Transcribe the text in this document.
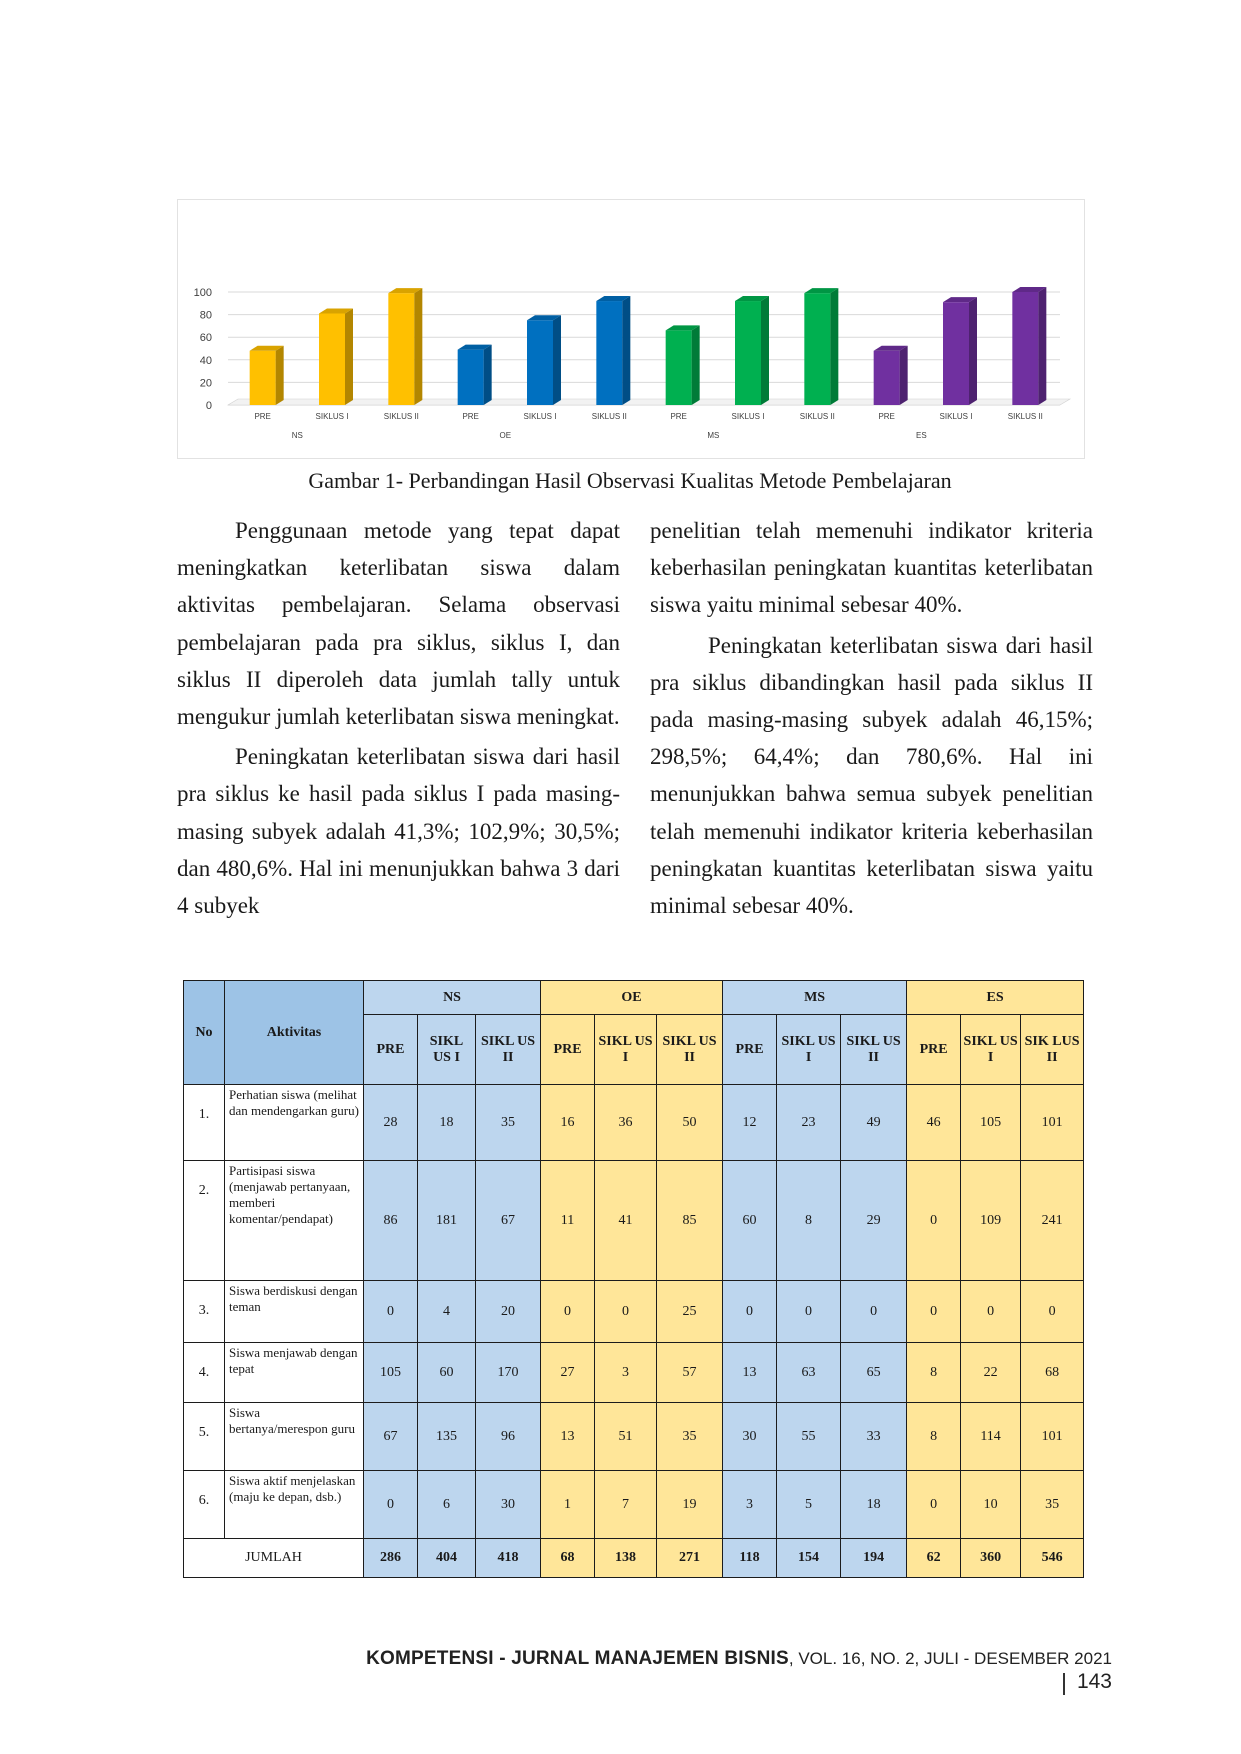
0
20
40
60
80
100
PRE	SIKLUS I	SIKLUS II	PRE	SIKLUS I	SIKLUS II	PRE	SIKLUS I	SIKLUS II	PRE	SIKLUS I	SIKLUS II
NS	OE	MS	ES
Gambar 1- Perbandingan Hasil Observasi Kualitas Metode Pembelajaran

Penggunaan metode yang tepat dapat meningkatkan keterlibatan siswa dalam aktivitas pembelajaran. Selama observasi pembelajaran pada pra siklus, siklus I, dan siklus II diperoleh data jumlah tally untuk mengukur jumlah keterlibatan siswa meningkat.

Peningkatan keterlibatan siswa dari hasil pra siklus ke hasil pada siklus I pada masing-masing subyek adalah 41,3%; 102,9%; 30,5%; dan 480,6%. Hal ini menunjukkan bahwa 3 dari 4 subyek

penelitian telah memenuhi indikator kriteria keberhasilan peningkatan kuantitas keterlibatan siswa yaitu minimal sebesar 40%.

Peningkatan keterlibatan siswa dari hasil pra siklus dibandingkan hasil pada siklus II pada masing-masing subyek adalah 46,15%; 298,5%; 64,4%; dan 780,6%. Hal ini menunjukkan bahwa semua subyek penelitian telah memenuhi indikator kriteria keberhasilan peningkatan kuantitas keterlibatan siswa yaitu minimal sebesar 40%.

No	Aktivitas	NS			OE			MS			ES		
		PRE	SIKL US I	SIKL US II	PRE	SIKL US I	SIKL US II	PRE	SIKL US I	SIKL US II	PRE	SIKL US I	SIK LUS II
1.	Perhatian siswa (melihat dan mendengarkan guru)	28	18	35	16	36	50	12	23	49	46	105	101
2.	Partisipasi siswa (menjawab pertanyaan, memberi komentar/pendapat)	86	181	67	11	41	85	60	8	29	0	109	241
3.	Siswa berdiskusi dengan teman	0	4	20	0	0	25	0	0	0	0	0	0
4.	Siswa menjawab dengan tepat	105	60	170	27	3	57	13	63	65	8	22	68
5.	Siswa bertanya/merespon guru	67	135	96	13	51	35	30	55	33	8	114	101
6.	Siswa aktif menjelaskan (maju ke depan, dsb.)	0	6	30	1	7	19	3	5	18	0	10	35
JUMLAH		286	404	418	68	138	271	118	154	194	62	360	546
KOMPETENSI - JURNAL MANAJEMEN BISNIS, VOL. 16, NO. 2, JULI - DESEMBER 2021143
